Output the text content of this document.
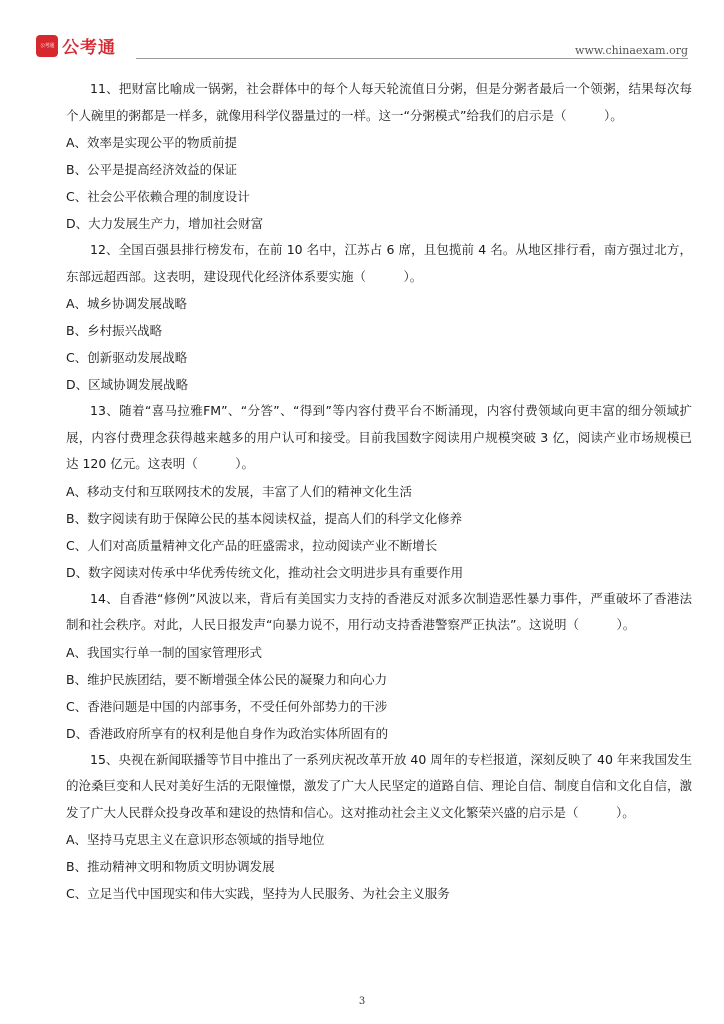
公考通 公考通	www.chinaexam.org

11、把财富比喻成一锅粥，社会群体中的每个人每天轮流值日分粥，但是分粥者最后一个领粥，结果每次每个人碗里的粥都是一样多，就像用科学仪器量过的一样。这一“分粥模式”给我们的启示是（　　　）。

A、效率是实现公平的物质前提

B、公平是提高经济效益的保证

C、社会公平依赖合理的制度设计

D、大力发展生产力，增加社会财富

12、全国百强县排行榜发布，在前 10 名中，江苏占 6 席，且包揽前 4 名。从地区排行看，南方强过北方，东部远超西部。这表明，建设现代化经济体系要实施（　　　）。

A、城乡协调发展战略

B、乡村振兴战略

C、创新驱动发展战略

D、区域协调发展战略

13、随着“喜马拉雅FM”、“分答”、“得到”等内容付费平台不断涌现，内容付费领域向更丰富的细分领域扩展，内容付费理念获得越来越多的用户认可和接受。目前我国数字阅读用户规模突破 3 亿，阅读产业市场规模已达 120 亿元。这表明（　　　）。

A、移动支付和互联网技术的发展，丰富了人们的精神文化生活

B、数字阅读有助于保障公民的基本阅读权益，提高人们的科学文化修养

C、人们对高质量精神文化产品的旺盛需求，拉动阅读产业不断增长

D、数字阅读对传承中华优秀传统文化，推动社会文明进步具有重要作用

14、自香港“修例”风波以来，背后有美国实力支持的香港反对派多次制造恶性暴力事件，严重破坏了香港法制和社会秩序。对此，人民日报发声“向暴力说不，用行动支持香港警察严正执法”。这说明（　　　）。

A、我国实行单一制的国家管理形式

B、维护民族团结，要不断增强全体公民的凝聚力和向心力

C、香港问题是中国的内部事务，不受任何外部势力的干涉

D、香港政府所享有的权利是他自身作为政治实体所固有的

15、央视在新闻联播等节目中推出了一系列庆祝改革开放 40 周年的专栏报道，深刻反映了 40 年来我国发生的沧桑巨变和人民对美好生活的无限憧憬，激发了广大人民坚定的道路自信、理论自信、制度自信和文化自信，激发了广大人民群众投身改革和建设的热情和信心。这对推动社会主义文化繁荣兴盛的启示是（　　　）。

A、坚持马克思主义在意识形态领域的指导地位

B、推动精神文明和物质文明协调发展

C、立足当代中国现实和伟大实践，坚持为人民服务、为社会主义服务

3
